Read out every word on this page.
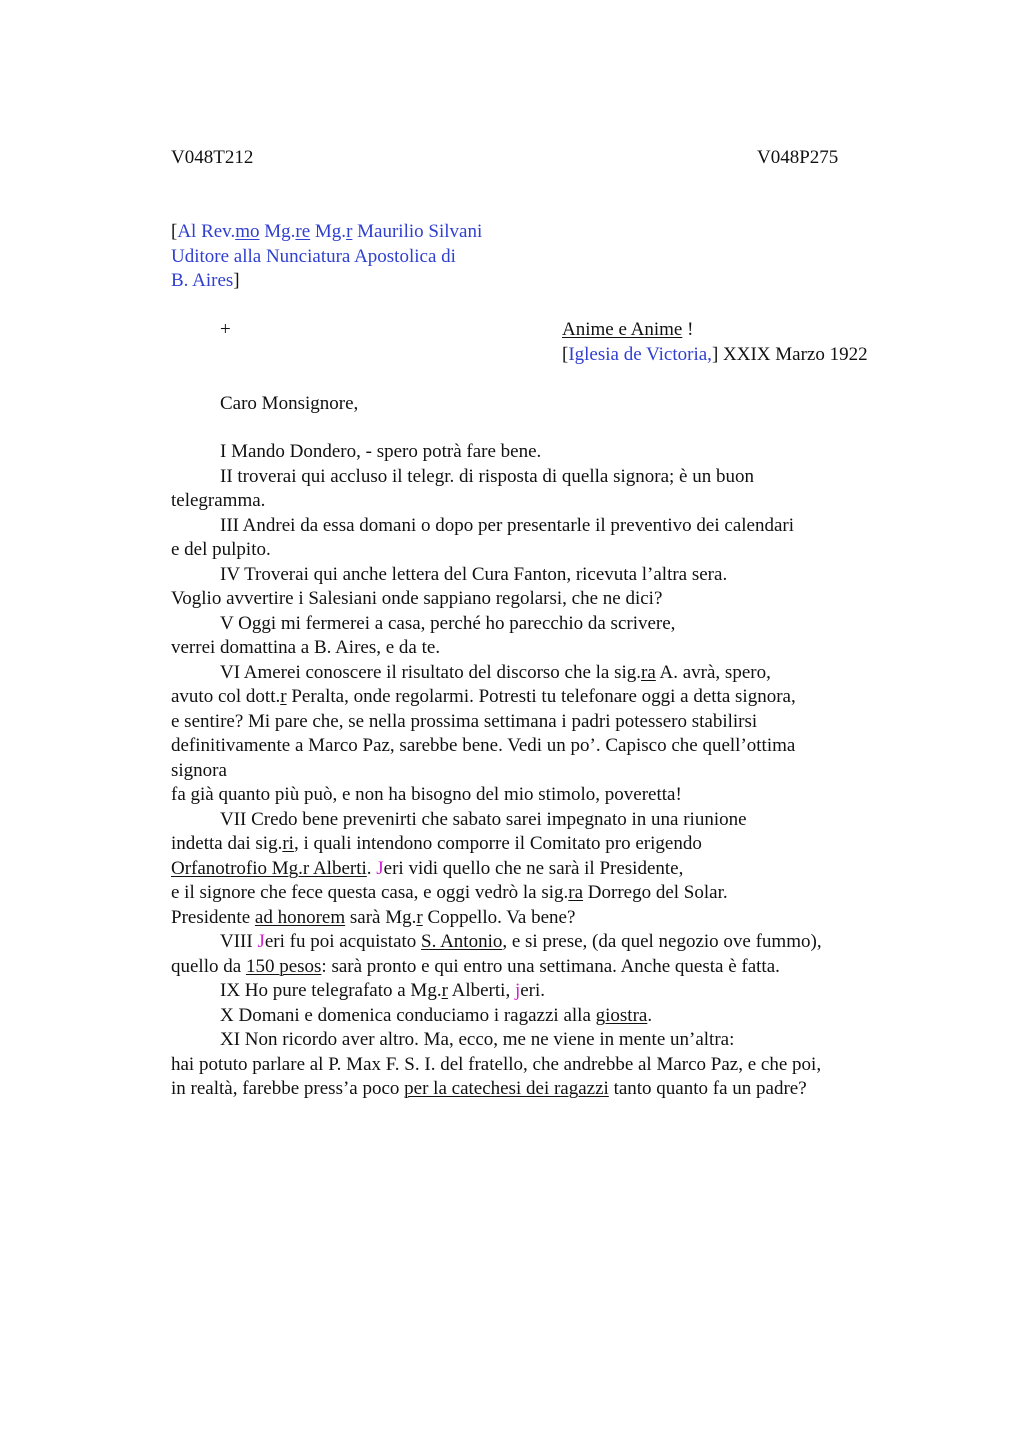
V048T212	V048P275
[Al Rev.mo Mg.re Mg.r Maurilio Silvani
Uditore alla Nunciatura Apostolica di
B. Aires]
+	Anime e Anime !
[Iglesia de Victoria,] XXIX Marzo 1922
Caro Monsignore,
I Mando Dondero, - spero potrà fare bene.
II troverai qui accluso il telegr. di risposta di quella signora; è un buon
telegramma.
III Andrei da essa domani o dopo per presentarle il preventivo dei calendari
e del pulpito.
IV Troverai qui anche lettera del Cura Fanton, ricevuta l’altra sera.
Voglio avvertire i Salesiani onde sappiano regolarsi, che ne dici?
V Oggi mi fermerei a casa, perché ho parecchio da scrivere,
verrei domattina a B. Aires, e da te.
VI Amerei conoscere il risultato del discorso che la sig.ra A. avrà, spero,
avuto col dott.r Peralta, onde regolarmi. Potresti tu telefonare oggi a detta signora,
e sentire? Mi pare che, se nella prossima settimana i padri potessero stabilirsi
definitivamente a Marco Paz, sarebbe bene. Vedi un po’. Capisco che quell’ottima
signora
fa già quanto più può, e non ha bisogno del mio stimolo, poveretta!
VII Credo bene prevenirti che sabato sarei impegnato in una riunione
indetta dai sig.ri, i quali intendono comporre il Comitato pro erigendo
Orfanotrofio Mg.r Alberti. Jeri vidi quello che ne sarà il Presidente,
e il signore che fece questa casa, e oggi vedrò la sig.ra Dorrego del Solar.
Presidente ad honorem sarà Mg.r Coppello. Va bene?
VIII Jeri fu poi acquistato S. Antonio, e si prese, (da quel negozio ove fummo),
quello da 150 pesos: sarà pronto e qui entro una settimana. Anche questa è fatta.
IX Ho pure telegrafato a Mg.r Alberti, jeri.
X Domani e domenica conduciamo i ragazzi alla giostra.
XI Non ricordo aver altro. Ma, ecco, me ne viene in mente un’altra:
hai potuto parlare al P. Max F. S. I. del fratello, che andrebbe al Marco Paz, e che poi,
in realtà, farebbe press’a poco per la catechesi dei ragazzi tanto quanto fa un padre?
